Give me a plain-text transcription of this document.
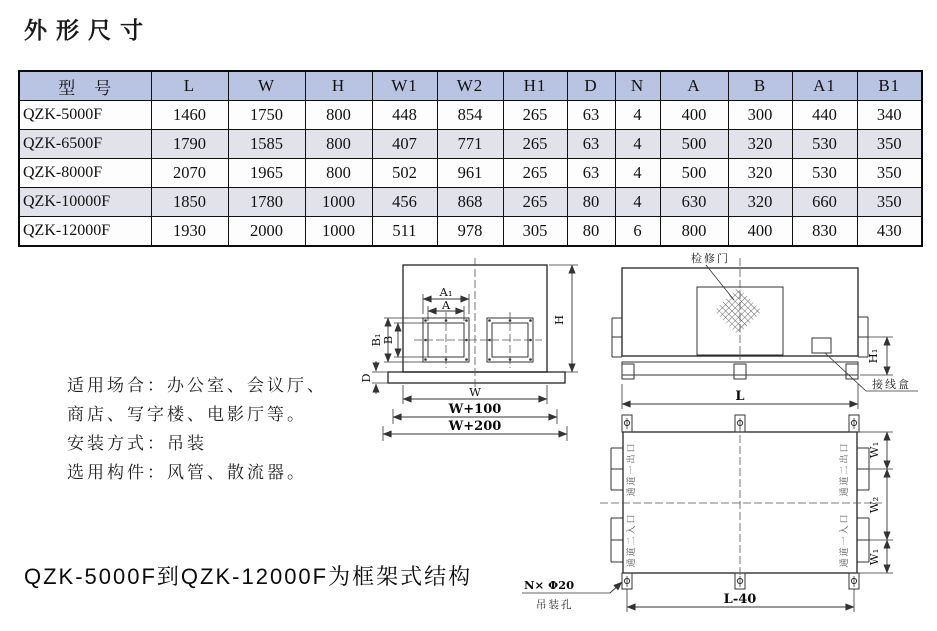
外形尺寸
型　号	L	W	H	W1	W2	H1	D	N	A	B	A1	B1
QZK-5000F	1460	1750	800	448	854	265	63	4	400	300	440	340
QZK-6500F	1790	1585	800	407	771	265	63	4	500	320	530	350
QZK-8000F	2070	1965	800	502	961	265	63	4	500	320	530	350
QZK-10000F	1850	1780	1000	456	868	265	80	4	630	320	660	350
QZK-12000F	1930	2000	1000	511	978	305	80	6	800	400	830	430
适用场合：办公室、会议厅、
商店、写字楼、电影厅等。
安装方式：吊装
选用构件：风管、散流器。
QZK-5000F到QZK-12000F为框架式结构
A₁
A
B₁
B
H
D
W
W+100
W+200
检修门
接线盒
H₁
L
通道一出口
通道二入口
通道二出口
通道一入口
W₁
W₂
W₁
L-40
N× Φ20
吊装孔
